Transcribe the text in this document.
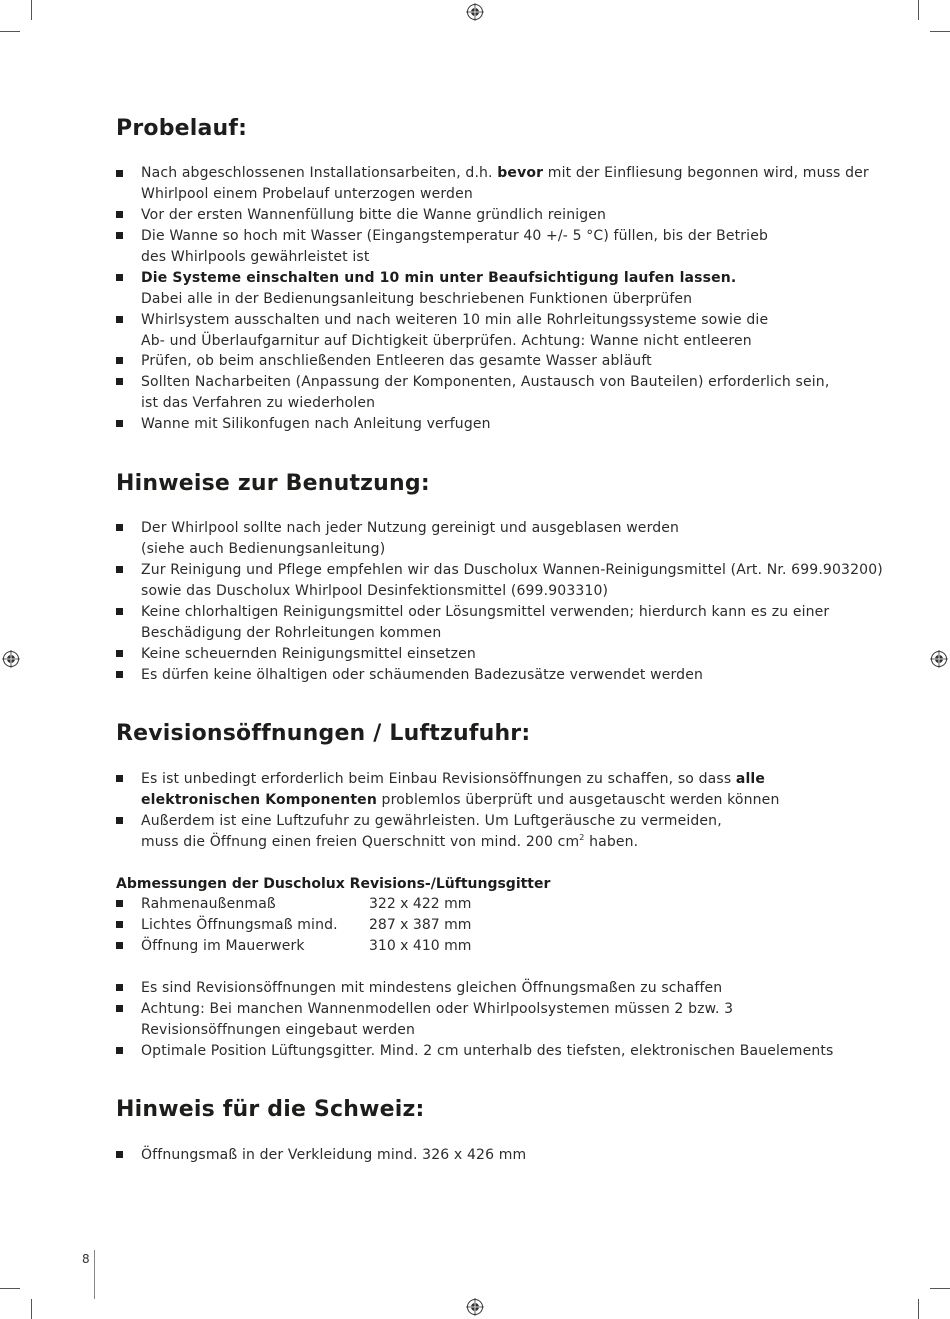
Probelauf:

Nach abgeschlossenen Installationsarbeiten, d.h. bevor mit der Einfliesung begonnen wird, muss der

Whirlpool einem Probelauf unterzogen werden

Vor der ersten Wannenfüllung bitte die Wanne gründlich reinigen

Die Wanne so hoch mit Wasser (Eingangstemperatur 40 +/- 5 °C) füllen, bis der Betrieb

des Whirlpools gewährleistet ist

Die Systeme einschalten und 10 min unter Beaufsichtigung laufen lassen.

Dabei alle in der Bedienungsanleitung beschriebenen Funktionen überprüfen

Whirlsystem ausschalten und nach weiteren 10 min alle Rohrleitungssysteme sowie die

Ab- und Überlaufgarnitur auf Dichtigkeit überprüfen. Achtung: Wanne nicht entleeren

Prüfen, ob beim anschließenden Entleeren das gesamte Wasser abläuft

Sollten Nacharbeiten (Anpassung der Komponenten, Austausch von Bauteilen) erforderlich sein,

ist das Verfahren zu wiederholen

Wanne mit Silikonfugen nach Anleitung verfugen

Hinweise zur Benutzung:

Der Whirlpool sollte nach jeder Nutzung gereinigt und ausgeblasen werden

(siehe auch Bedienungsanleitung)

Zur Reinigung und Pflege empfehlen wir das Duscholux Wannen-Reinigungsmittel (Art. Nr. 699.903200)

sowie das Duscholux Whirlpool Desinfektionsmittel (699.903310)

Keine chlorhaltigen Reinigungsmittel oder Lösungsmittel verwenden; hierdurch kann es zu einer

Beschädigung der Rohrleitungen kommen

Keine scheuernden Reinigungsmittel einsetzen

Es dürfen keine ölhaltigen oder schäumenden Badezusätze verwendet werden

Revisionsöffnungen / Luftzufuhr:

Es ist unbedingt erforderlich beim Einbau Revisionsöffnungen zu schaffen, so dass alle

elektronischen Komponenten problemlos überprüft und ausgetauscht werden können

Außerdem ist eine Luftzufuhr zu gewährleisten. Um Luftgeräusche zu vermeiden,

muss die Öffnung einen freien Querschnitt von mind. 200 $cm^2$ haben.

Abmessungen der Duscholux Revisions-/Lüftungsgitter

Rahmenaußenmaß	322 x 422 mm

Lichtes Öffnungsmaß mind. 287 x 387 mm

Öffnung im Mauerwerk	310 x 410 mm

Es sind Revisionsöffnungen mit mindestens gleichen Öffnungsmaßen zu schaffen

Achtung: Bei manchen Wannenmodellen oder Whirlpoolsystemen müssen 2 bzw. 3

Revisionsöffnungen eingebaut werden

Optimale Position Lüftungsgitter. Mind. 2 cm unterhalb des tiefsten, elektronischen Bauelements

Hinweis für die Schweiz:

Öffnungsmaß in der Verkleidung mind. 326 x 426 mm

8
